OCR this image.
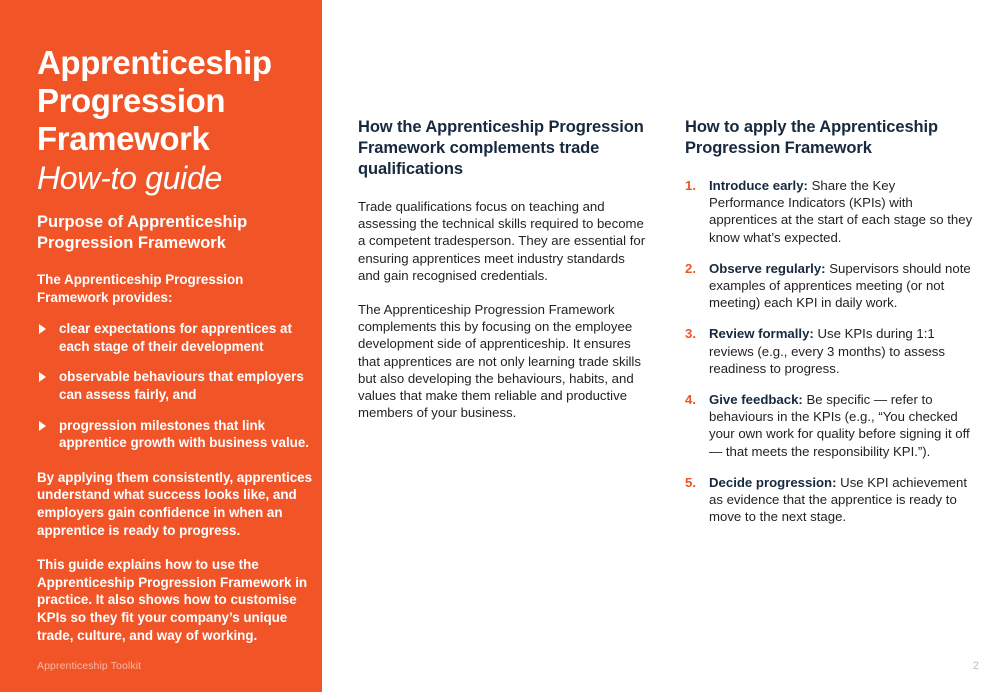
Apprenticeship Progression Framework
How-to guide
Purpose of Apprenticeship Progression Framework

The Apprenticeship Progression Framework provides:

clear expectations for apprentices at each stage of their development
observable behaviours that employers can assess fairly, and
progression milestones that link apprentice growth with business value.

By applying them consistently, apprentices understand what success looks like, and employers gain confidence in when an apprentice is ready to progress.

This guide explains how to use the Apprenticeship Progression Framework in practice. It also shows how to customise KPIs so they fit your company’s unique trade, culture, and way of working.

Apprenticeship Toolkit
How the Apprenticeship Progression Framework complements trade qualifications

Trade qualifications focus on teaching and assessing the technical skills required to become a competent tradesperson. They are essential for ensuring apprentices meet industry standards and gain recognised credentials.

The Apprenticeship Progression Framework complements this by focusing on the employee development side of apprenticeship. It ensures that apprentices are not only learning trade skills but also developing the behaviours, habits, and values that make them reliable and productive members of your business.

How to apply the Apprenticeship Progression Framework
1. Introduce early: Share the Key Performance Indicators (KPIs) with apprentices at the start of each stage so they know what’s expected.
2. Observe regularly: Supervisors should note examples of apprentices meeting (or not meeting) each KPI in daily work.
3. Review formally: Use KPIs during 1:1 reviews (e.g., every 3 months) to assess readiness to progress.
4. Give feedback: Be specific — refer to behaviours in the KPIs (e.g., “You checked your own work for quality before signing it off — that meets the responsibility KPI.”).
5. Decide progression: Use KPI achievement as evidence that the apprentice is ready to move to the next stage.
2
